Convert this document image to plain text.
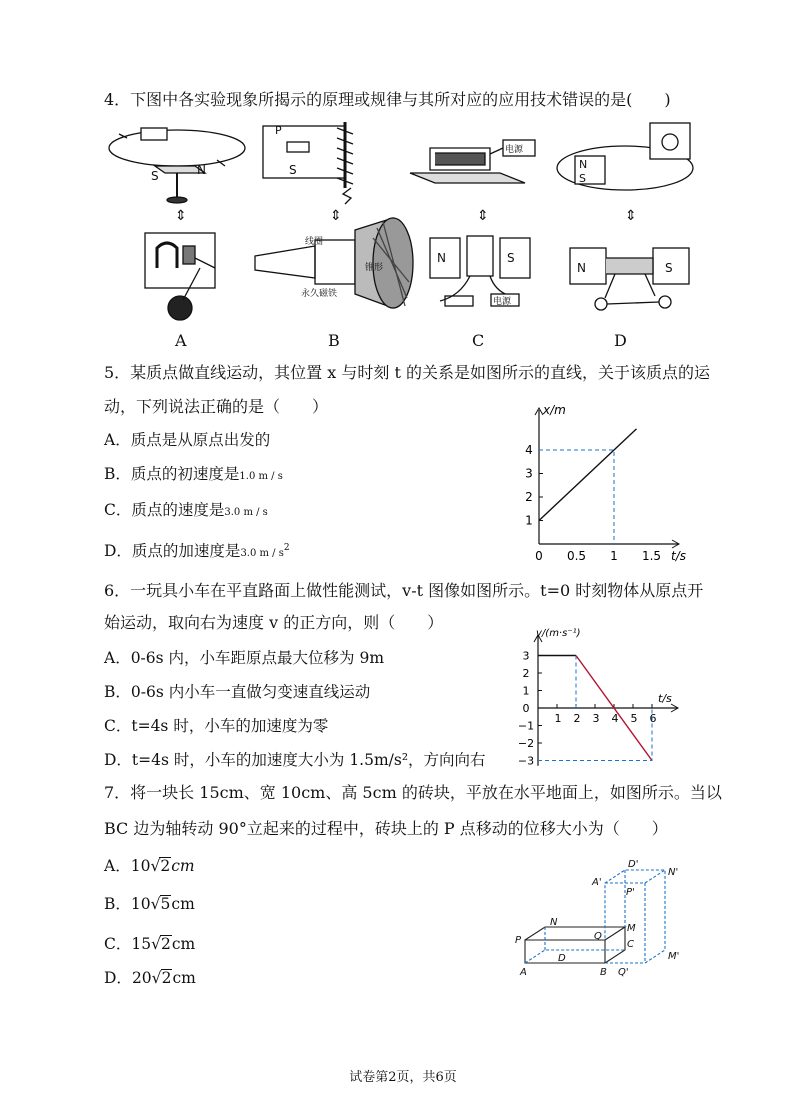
4．下图中各实验现象所揭示的原理或规律与其所对应的应用技术错误的是(　　)
S	N
⇕
P
S
⇕
线圈
永久磁铁
锥形
电源
⇕
N	S
电源
N
S
⇕
N	S
A	B	C	D
5．某质点做直线运动，其位置 x 与时刻 t 的关系是如图所示的直线，关于该质点的运
动，下列说法正确的是（　　）
A．质点是从原点出发的
B．质点的初速度是1.0 m / s
C．质点的速度是3.0 m / s
D．质点的加速度是3.0 m / $s^2$
0 0.5 1 1.5
1
2
3
4
x/m
t/s
6．一玩具小车在平直路面上做性能测试，v-t 图像如图所示。t=0 时刻物体从原点开
始运动，取向右为速度 v 的正方向，则（　　）
A．0-6s 内，小车距原点最大位移为 9m
B．0-6s 内小车一直做匀变速直线运动
C．t=4s 时，小车的加速度为零
D．t=4s 时，小车的加速度大小为 1.5m/s²，方向向右
1 2 3 4 5 6
3
2
1
0
−1
−2
−3
v/(m·s⁻¹)
t/s
7．将一块长 15cm、宽 10cm、高 5cm 的砖块，平放在水平地面上，如图所示。当以
BC 边为轴转动 90°立起来的过程中，砖块上的 P 点移动的位移大小为（　　）
A．10√2cm
B．10√5cm
C．15√2cm
D．20√2cm
D'
N'
A'
P'
N
M
P	Q
C
D	M'
A	B Q'
试卷第2页，共6页
